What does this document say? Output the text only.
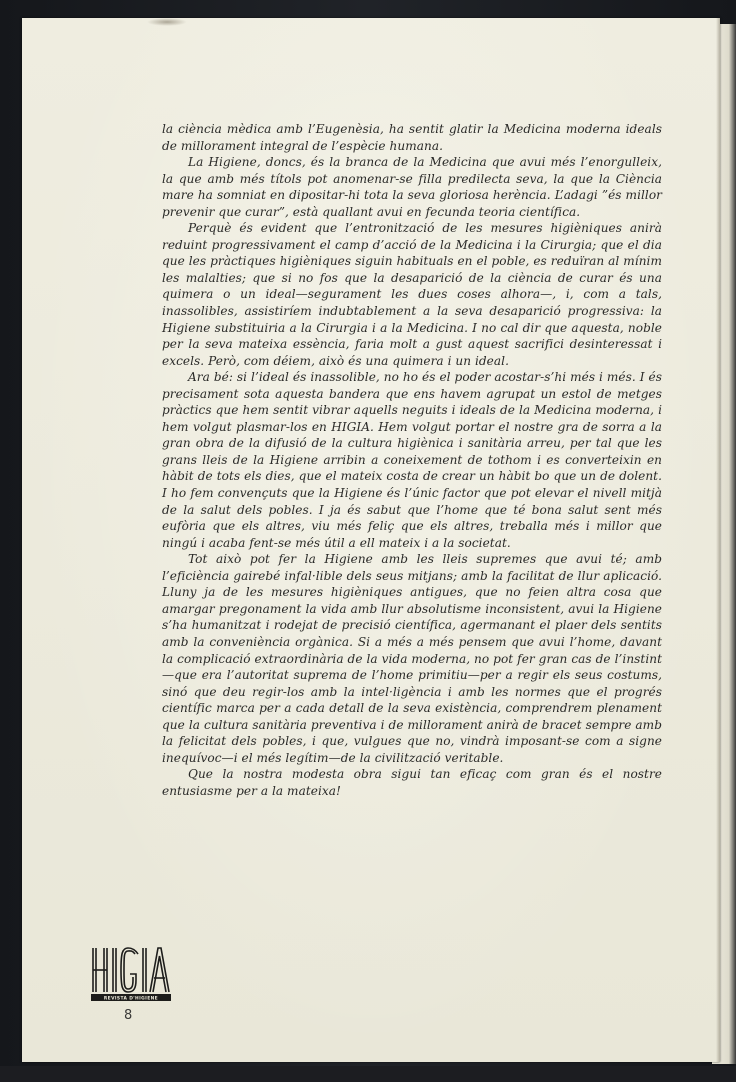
la ciència mèdica amb l’Eugenèsia, ha sentit glatir la Medicina moderna ideals de millorament integral de l’espècie humana.

La Higiene, doncs, és la branca de la Medicina que avui més l’enorgulleix, la que amb més títols pot anomenar-se filla predilecta seva, la que la Ciència mare ha somniat en dipositar-hi tota la seva gloriosa herència. L’adagi ”és millor prevenir que curar”, està quallant avui en fecunda teoria científica.

Perquè és evident que l’entronització de les mesures higièniques anirà reduint progressivament el camp d’acció de la Medicina i la Cirurgia; que el dia que les pràctiques higièniques siguin habituals en el poble, es reduïran al mínim les malalties; que si no fos que la desaparició de la ciència de curar és una quimera o un ideal—segurament les dues coses alhora—, i, com a tals, inassolibles, assistiríem indubtablement a la seva desaparició progressiva: la Higiene substituiria a la Cirurgia i a la Medicina. I no cal dir que aquesta, noble per la seva mateixa essència, faria molt a gust aquest sacrifici desinteressat i excels. Però, com déiem, això és una quimera i un ideal.

Ara bé: si l’ideal és inassolible, no ho és el poder acostar-s’hi més i més. I és precisament sota aquesta bandera que ens havem agrupat un estol de metges pràctics que hem sentit vibrar aquells neguits i ideals de la Medicina moderna, i hem volgut plasmar-los en HIGIA. Hem volgut portar el nostre gra de sorra a la gran obra de la difusió de la cultura higiènica i sanitària arreu, per tal que les grans lleis de la Higiene arribin a coneixement de tothom i es converteixin en hàbit de tots els dies, que el mateix costa de crear un hàbit bo que un de dolent. I ho fem convençuts que la Higiene és l’únic factor que pot elevar el nivell mitjà de la salut dels pobles. I ja és sabut que l’home que té bona salut sent més eufòria que els altres, viu més feliç que els altres, treballa més i millor que ningú i acaba fent-se més útil a ell mateix i a la societat.

Tot això pot fer la Higiene amb les lleis supremes que avui té; amb l’eficiència gairebé infal·lible dels seus mitjans; amb la facilitat de llur aplicació. Lluny ja de les mesures higièniques antigues, que no feien altra cosa que amargar pregonament la vida amb llur absolutisme inconsistent, avui la Higiene s’ha humanitzat i rodejat de precisió científica, agermanant el plaer dels sentits amb la conveniència orgànica. Si a més a més pensem que avui l’home, davant la complicació extraordinària de la vida moderna, no pot fer gran cas de l’instint—que era l’autoritat suprema de l’home primitiu—per a regir els seus costums, sinó que deu regir-los amb la intel·ligència i amb les normes que el progrés científic marca per a cada detall de la seva existència, comprendrem plenament que la cultura sanitària preventiva i de millorament anirà de bracet sempre amb la felicitat dels pobles, i que, vulgues que no, vindrà imposant-se com a signe inequívoc—i el més legítim—de la civilització veritable.

Que la nostra modesta obra sigui tan eficaç com gran és el nostre entusiasme per a la mateixa!

REVISTA D'HIGIENE
8
